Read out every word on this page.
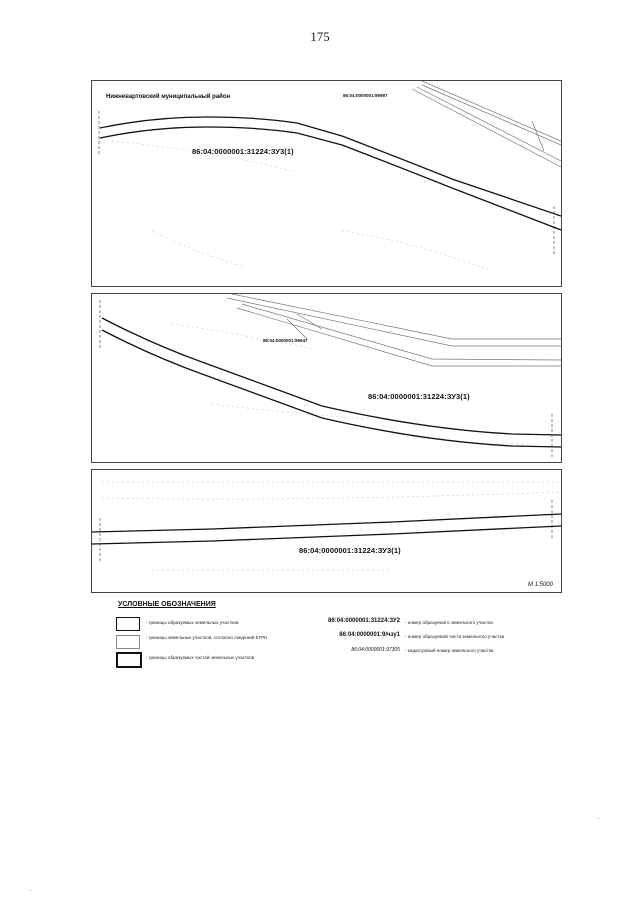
175
Нижневартовский муниципальный район	86:04:0000001:96997
86:04:0000001:31224:ЗУ3(1)
86:04:0000001:96947
86:04:0000001:31224:ЗУ3(1)
86:04:0000001:31224:ЗУ3(1)
М 1:5000
УСЛОВНЫЕ ОБОЗНАЧЕНИЯ
- границы образуемых земельных участков
- границы земельных участков, согласно сведений ЕГРН
- границы образуемых частей земельных участков
86:04:0000001:31224:ЗУ2 - номер образуемого земельного участка
86:04:0000001:9/чзу1 - номер образуемой части земельного участка
86:04:0000001:97305 - кадастровый номер земельного участка
